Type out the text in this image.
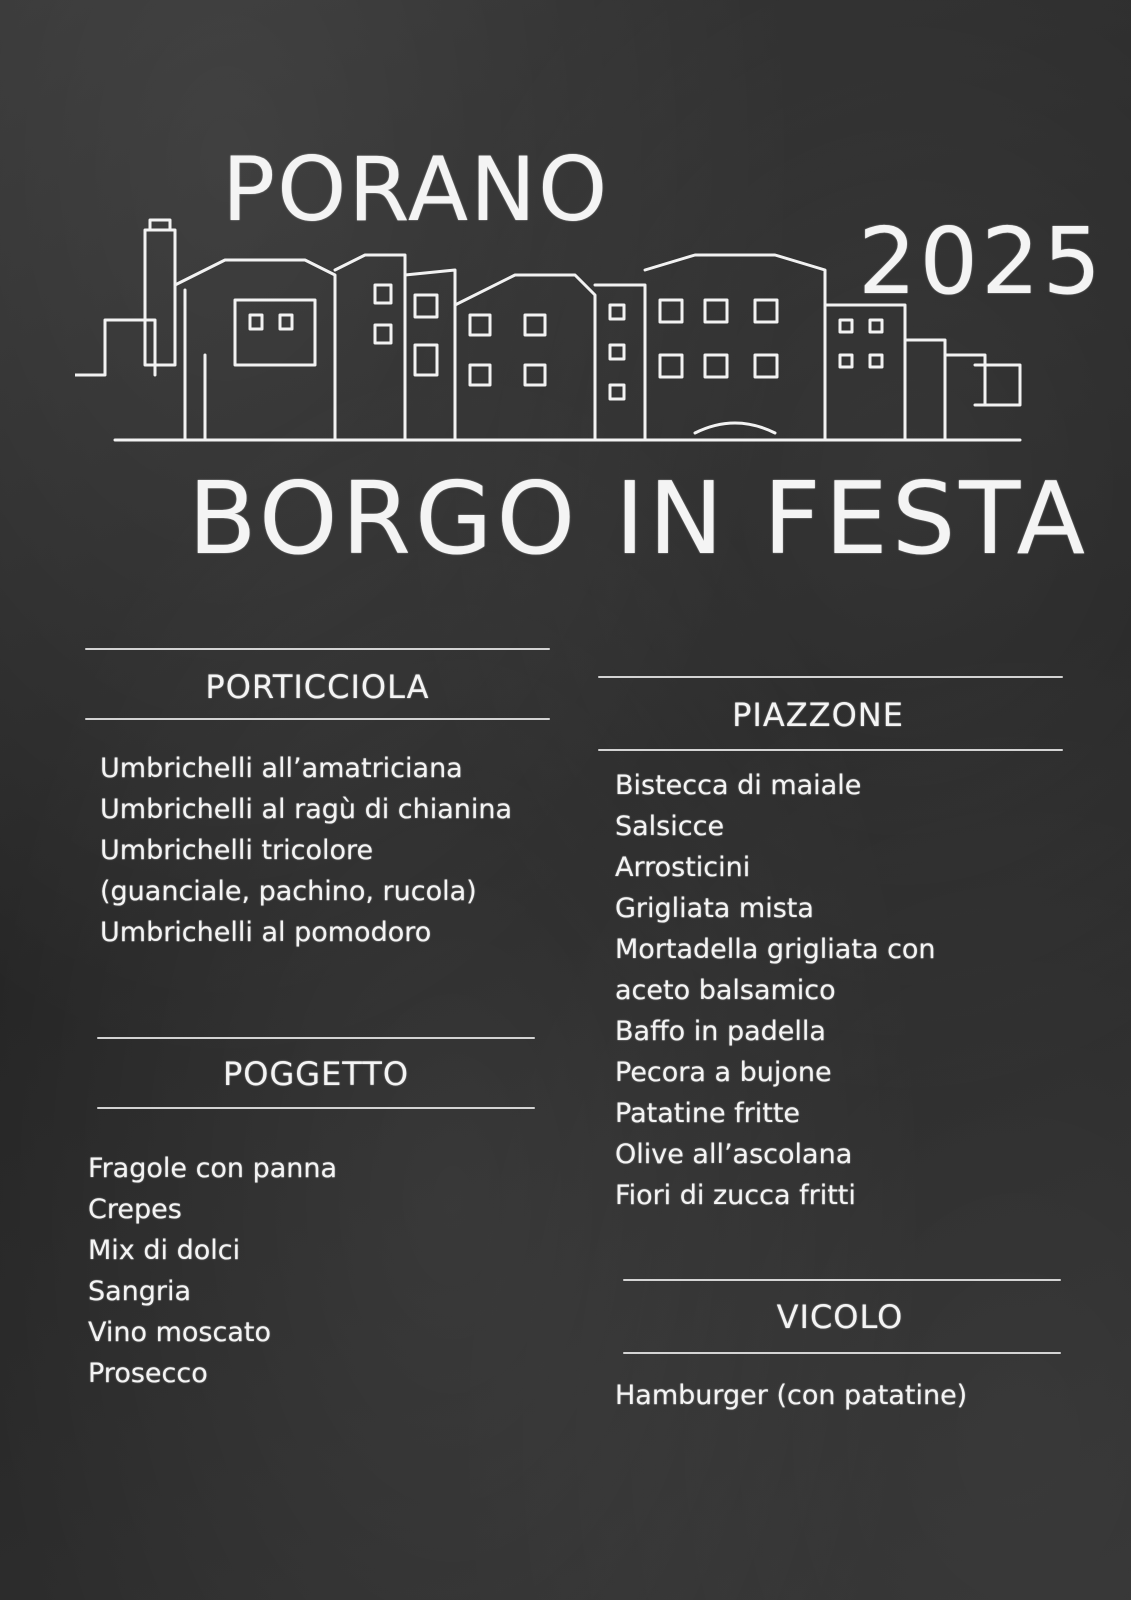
PORANO
2025
BORGO IN FESTA
PORTICCIOLA
Umbrichelli all’amatriciana
Umbrichelli al ragù di chianina
Umbrichelli tricolore
(guanciale, pachino, rucola)
Umbrichelli al pomodoro
POGGETTO
Fragole con panna
Crepes
Mix di dolci
Sangria
Vino moscato
Prosecco
PIAZZONE
Bistecca di maiale
Salsicce
Arrosticini
Grigliata mista
Mortadella grigliata con
aceto balsamico
Baffo in padella
Pecora a bujone
Patatine fritte
Olive all’ascolana
Fiori di zucca fritti
VICOLO
Hamburger (con patatine)
